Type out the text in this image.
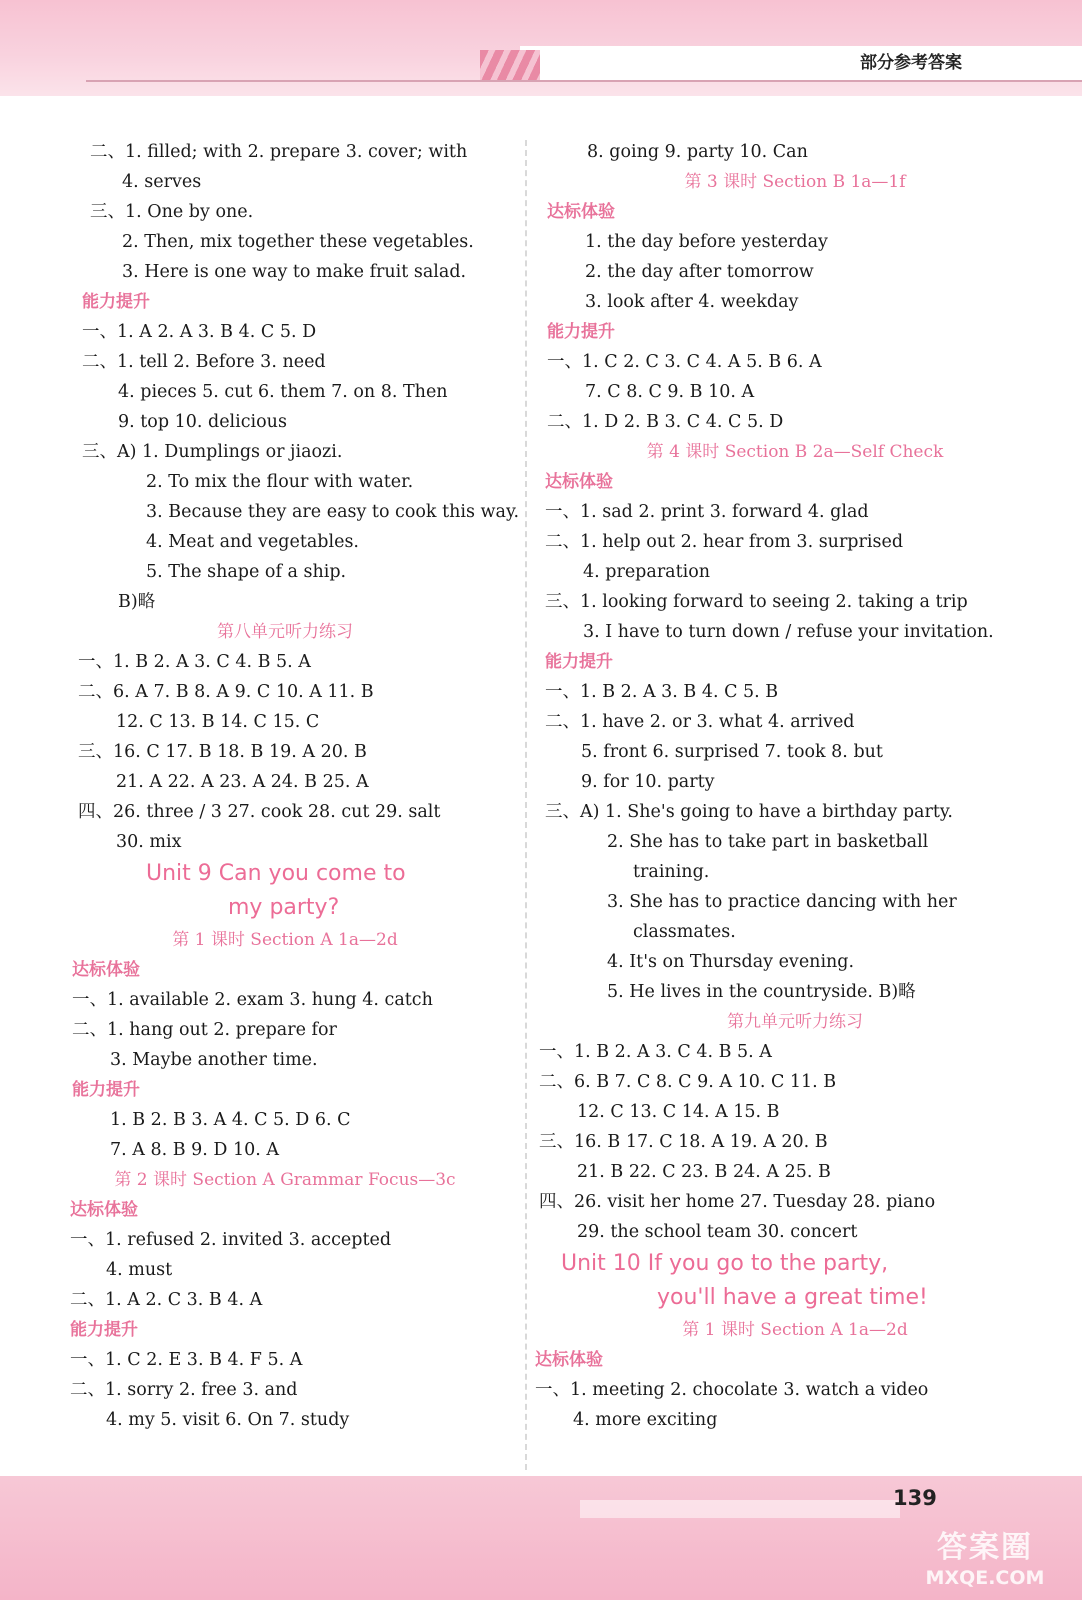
部分参考答案
二、1. filled; with 2. prepare 3. cover; with
4. serves
三、1. One by one.
2. Then, mix together these vegetables.
3. Here is one way to make fruit salad.
能力提升
一、1. A 2. A 3. B 4. C 5. D
二、1. tell 2. Before 3. need
4. pieces 5. cut 6. them 7. on 8. Then
9. top 10. delicious
三、A) 1. Dumplings or jiaozi.
2. To mix the flour with water.
3. Because they are easy to cook this way.
4. Meat and vegetables.
5. The shape of a ship.
B)略
第八单元听力练习
一、1. B 2. A 3. C 4. B 5. A
二、6. A 7. B 8. A 9. C 10. A 11. B
12. C 13. B 14. C 15. C
三、16. C 17. B 18. B 19. A 20. B
21. A 22. A 23. A 24. B 25. A
四、26. three / 3 27. cook 28. cut 29. salt
30. mix
Unit 9 Can you come to
my party?
第 1 课时 Section A 1a—2d
达标体验
一、1. available 2. exam 3. hung 4. catch
二、1. hang out 2. prepare for
3. Maybe another time.
能力提升
1. B 2. B 3. A 4. C 5. D 6. C
7. A 8. B 9. D 10. A
第 2 课时 Section A Grammar Focus—3c
达标体验
一、1. refused 2. invited 3. accepted
4. must
二、1. A 2. C 3. B 4. A
能力提升
一、1. C 2. E 3. B 4. F 5. A
二、1. sorry 2. free 3. and
4. my 5. visit 6. On 7. study
8. going 9. party 10. Can
第 3 课时 Section B 1a—1f
达标体验
1. the day before yesterday
2. the day after tomorrow
3. look after 4. weekday
能力提升
一、1. C 2. C 3. C 4. A 5. B 6. A
7. C 8. C 9. B 10. A
二、1. D 2. B 3. C 4. C 5. D
第 4 课时 Section B 2a—Self Check
达标体验
一、1. sad 2. print 3. forward 4. glad
二、1. help out 2. hear from 3. surprised
4. preparation
三、1. looking forward to seeing 2. taking a trip
3. I have to turn down / refuse your invitation.
能力提升
一、1. B 2. A 3. B 4. C 5. B
二、1. have 2. or 3. what 4. arrived
5. front 6. surprised 7. took 8. but
9. for 10. party
三、A) 1. She's going to have a birthday party.
2. She has to take part in basketball
training.
3. She has to practice dancing with her
classmates.
4. It's on Thursday evening.
5. He lives in the countryside. B)略
第九单元听力练习
一、1. B 2. A 3. C 4. B 5. A
二、6. B 7. C 8. C 9. A 10. C 11. B
12. C 13. C 14. A 15. B
三、16. B 17. C 18. A 19. A 20. B
21. B 22. C 23. B 24. A 25. B
四、26. visit her home 27. Tuesday 28. piano
29. the school team 30. concert
Unit 10 If you go to the party,
you'll have a great time!
第 1 课时 Section A 1a—2d
达标体验
一、1. meeting 2. chocolate 3. watch a video
4. more exciting
139
答案圈
MXQE.COM
